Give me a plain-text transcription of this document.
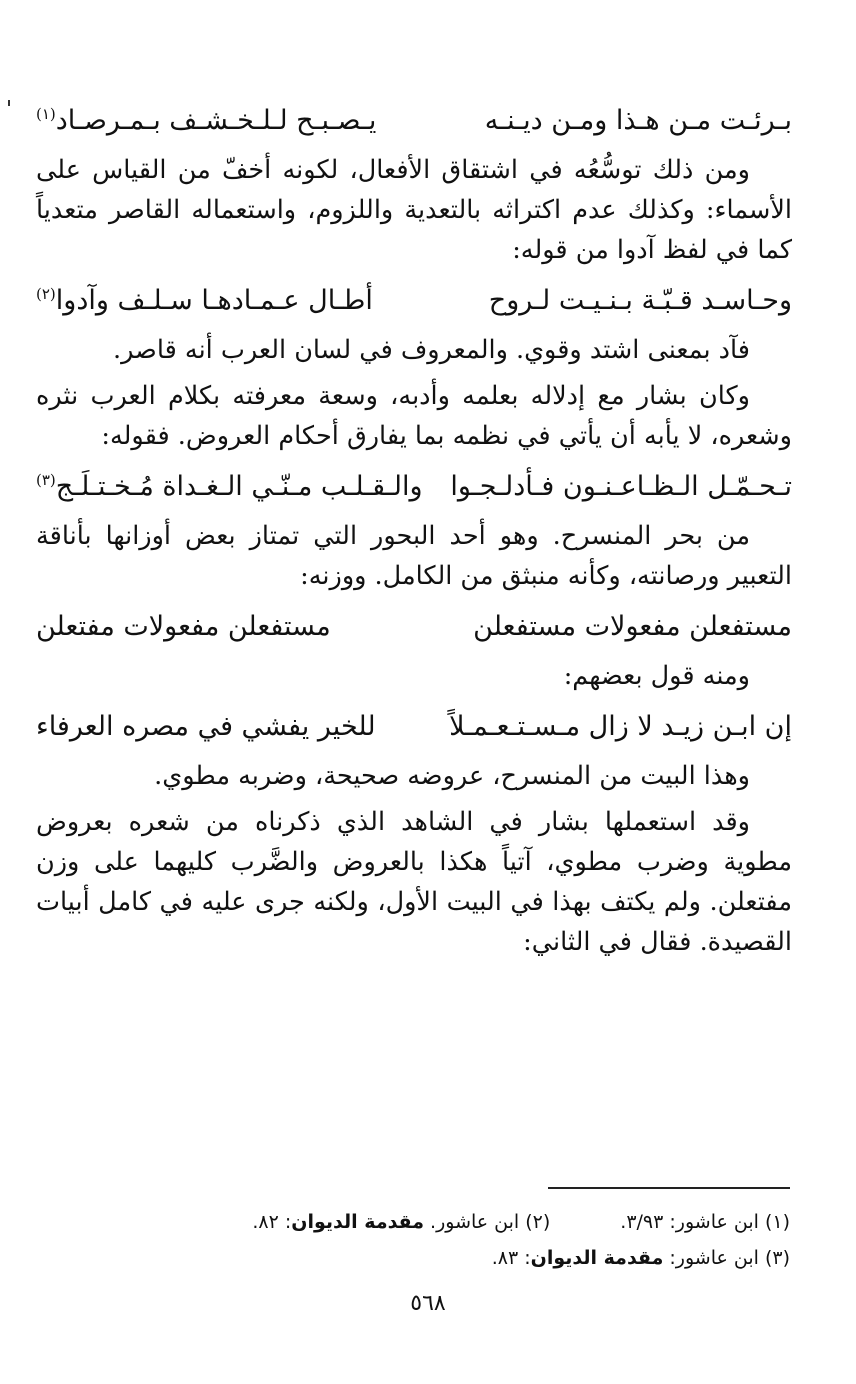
بـرئـت مـن هـذا ومـن ديـنـه
يـصـبـح لـلـخـشـف بـمـرصـاد$^{(١)}$

ومن ذلك توسُّعُه في اشتقاق الأفعال، لكونه أخفّ من القياس على الأسماء: وكذلك عدم اكتراثه بالتعدية واللزوم، واستعماله القاصر متعدياً كما في لفظ آدوا من قوله:

وحـاسـد قـبّـة بـنـيـت لـروح
أطـال عـمـادهـا سـلـف وآدوا$^{(٢)}$

فآد بمعنى اشتد وقوي. والمعروف في لسان العرب أنه قاصر.

وكان بشار مع إدلاله بعلمه وأدبه، وسعة معرفته بكلام العرب نثره وشعره، لا يأبه أن يأتي في نظمه بما يفارق أحكام العروض. فقوله:

تـحـمّـل الـظـاعـنـون فـأدلـجـوا
والـقـلـب مـنّـي الـغـداة مُـخـتـلَـج$^{(٣)}$

من بحر المنسرح. وهو أحد البحور التي تمتاز بعض أوزانها بأناقة التعبير ورصانته، وكأنه منبثق من الكامل. ووزنه:

مستفعلن مفعولات مستفعلن
مستفعلن مفعولات مفتعلن

ومنه قول بعضهم:

إن ابـن زيـد لا زال مـسـتـعـمـلاً
للخير يفشي في مصره العرفاء

وهذا البيت من المنسرح، عروضه صحيحة، وضربه مطوي.

وقد استعملها بشار في الشاهد الذي ذكرناه من شعره بعروض مطوية وضرب مطوي، آتياً هكذا بالعروض والضَّرب كليهما على وزن مفتعلن. ولم يكتف بهذا في البيت الأول، ولكنه جرى عليه في كامل أبيات القصيدة. فقال في الثاني:

(١) ابن عاشور: ٣/٩٣.
(٢) ابن عاشور. مقدمة الديوان: ٨٢.
(٣) ابن عاشور: مقدمة الديوان: ٨٣.
٥٦٨
